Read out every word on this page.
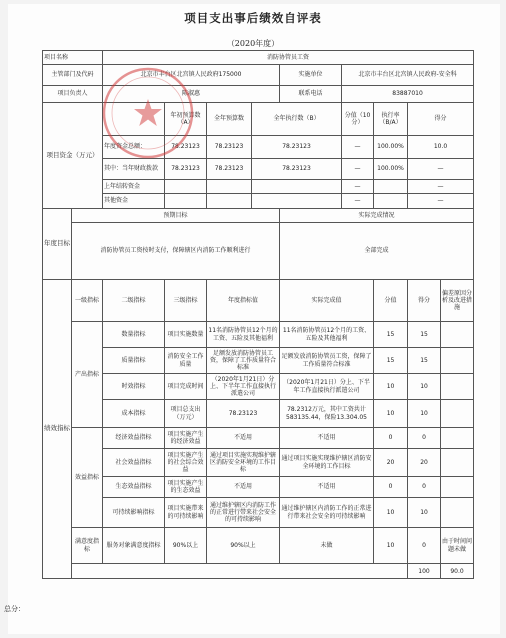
项目支出事后绩效自评表
（2020年度）
项目名称		消防协管员工资									
主管部门及代码		北京市丰台区北宫镇人民政府175000				实施单位	北京市丰台区北宫镇人民政府-安全科				
项目负责人		陈淑惠				联系电话	83887010				
项目资金（万元）			年初预算数（A）	全年预算数	全年执行数（B）		分值（10分）	执行率（B/A）	得分		
		年度资金总额：	78.23123	78.23123	78.23123		—	100.00%	10.0		
		其中：当年财政拨款	78.23123	78.23123	78.23123		—	100.00%	—		
		上年结转资金					—		—		
		其他资金					—		—		
年度目标	预期目标					实际完成情况					
	消防协管员工资按时支付，保障辖区内消防工作顺利进行					全部完成					
绩效指标	一级指标	二级指标	三级指标	年度指标值		实际完成值		分值	得分	偏差原因分析及改进措施	
	产出指标	数量指标	项目实施数量	11名消防协管员12个月的工资、五险及其他福利		11名消防协管员12个月的工资、五险及其他福利		15	15		
		质量指标	消防安全工作质量	足额发放消防协管员工资，保障了工作质量符合标准		足额发放消防协管员工资，保障了工作质量符合标准		15	15		
		时效指标	项目完成时间	（2020年1月21日）分上、下半年工作直接执行派遣公司		（2020年1月21日）分上、下半年工作直接执行派遣公司		10	10		
		成本指标	项目总支出（万元）	78.23123		78.2312万元，其中工资共计583135.44，保险13.304.05		10	10		
	效益指标	经济效益指标	项目实施产生的经济效益	不适用		不适用		0	0		
		社会效益指标	项目实施产生的社会综合效益	通过项目实施实现维护辖区消防安全环境的工作目标		通过项目实施实现维护辖区消防安全环境的工作目标		20	20		
		生态效益指标	项目实施产生的生态效益	不适用		不适用		0	0		
		可持续影响指标	项目实施带来的可持续影响	通过维护辖区内消防工作的正常进行带来社会安全的可持续影响		通过维护辖区内消防工作的正常进行带来社会安全的可持续影响		10	10		
	满意度指标	服务对象满意度指标	90%以上	90%以上		未做		10	0	由于时间问题未做	
									100	90.0	
总分：
